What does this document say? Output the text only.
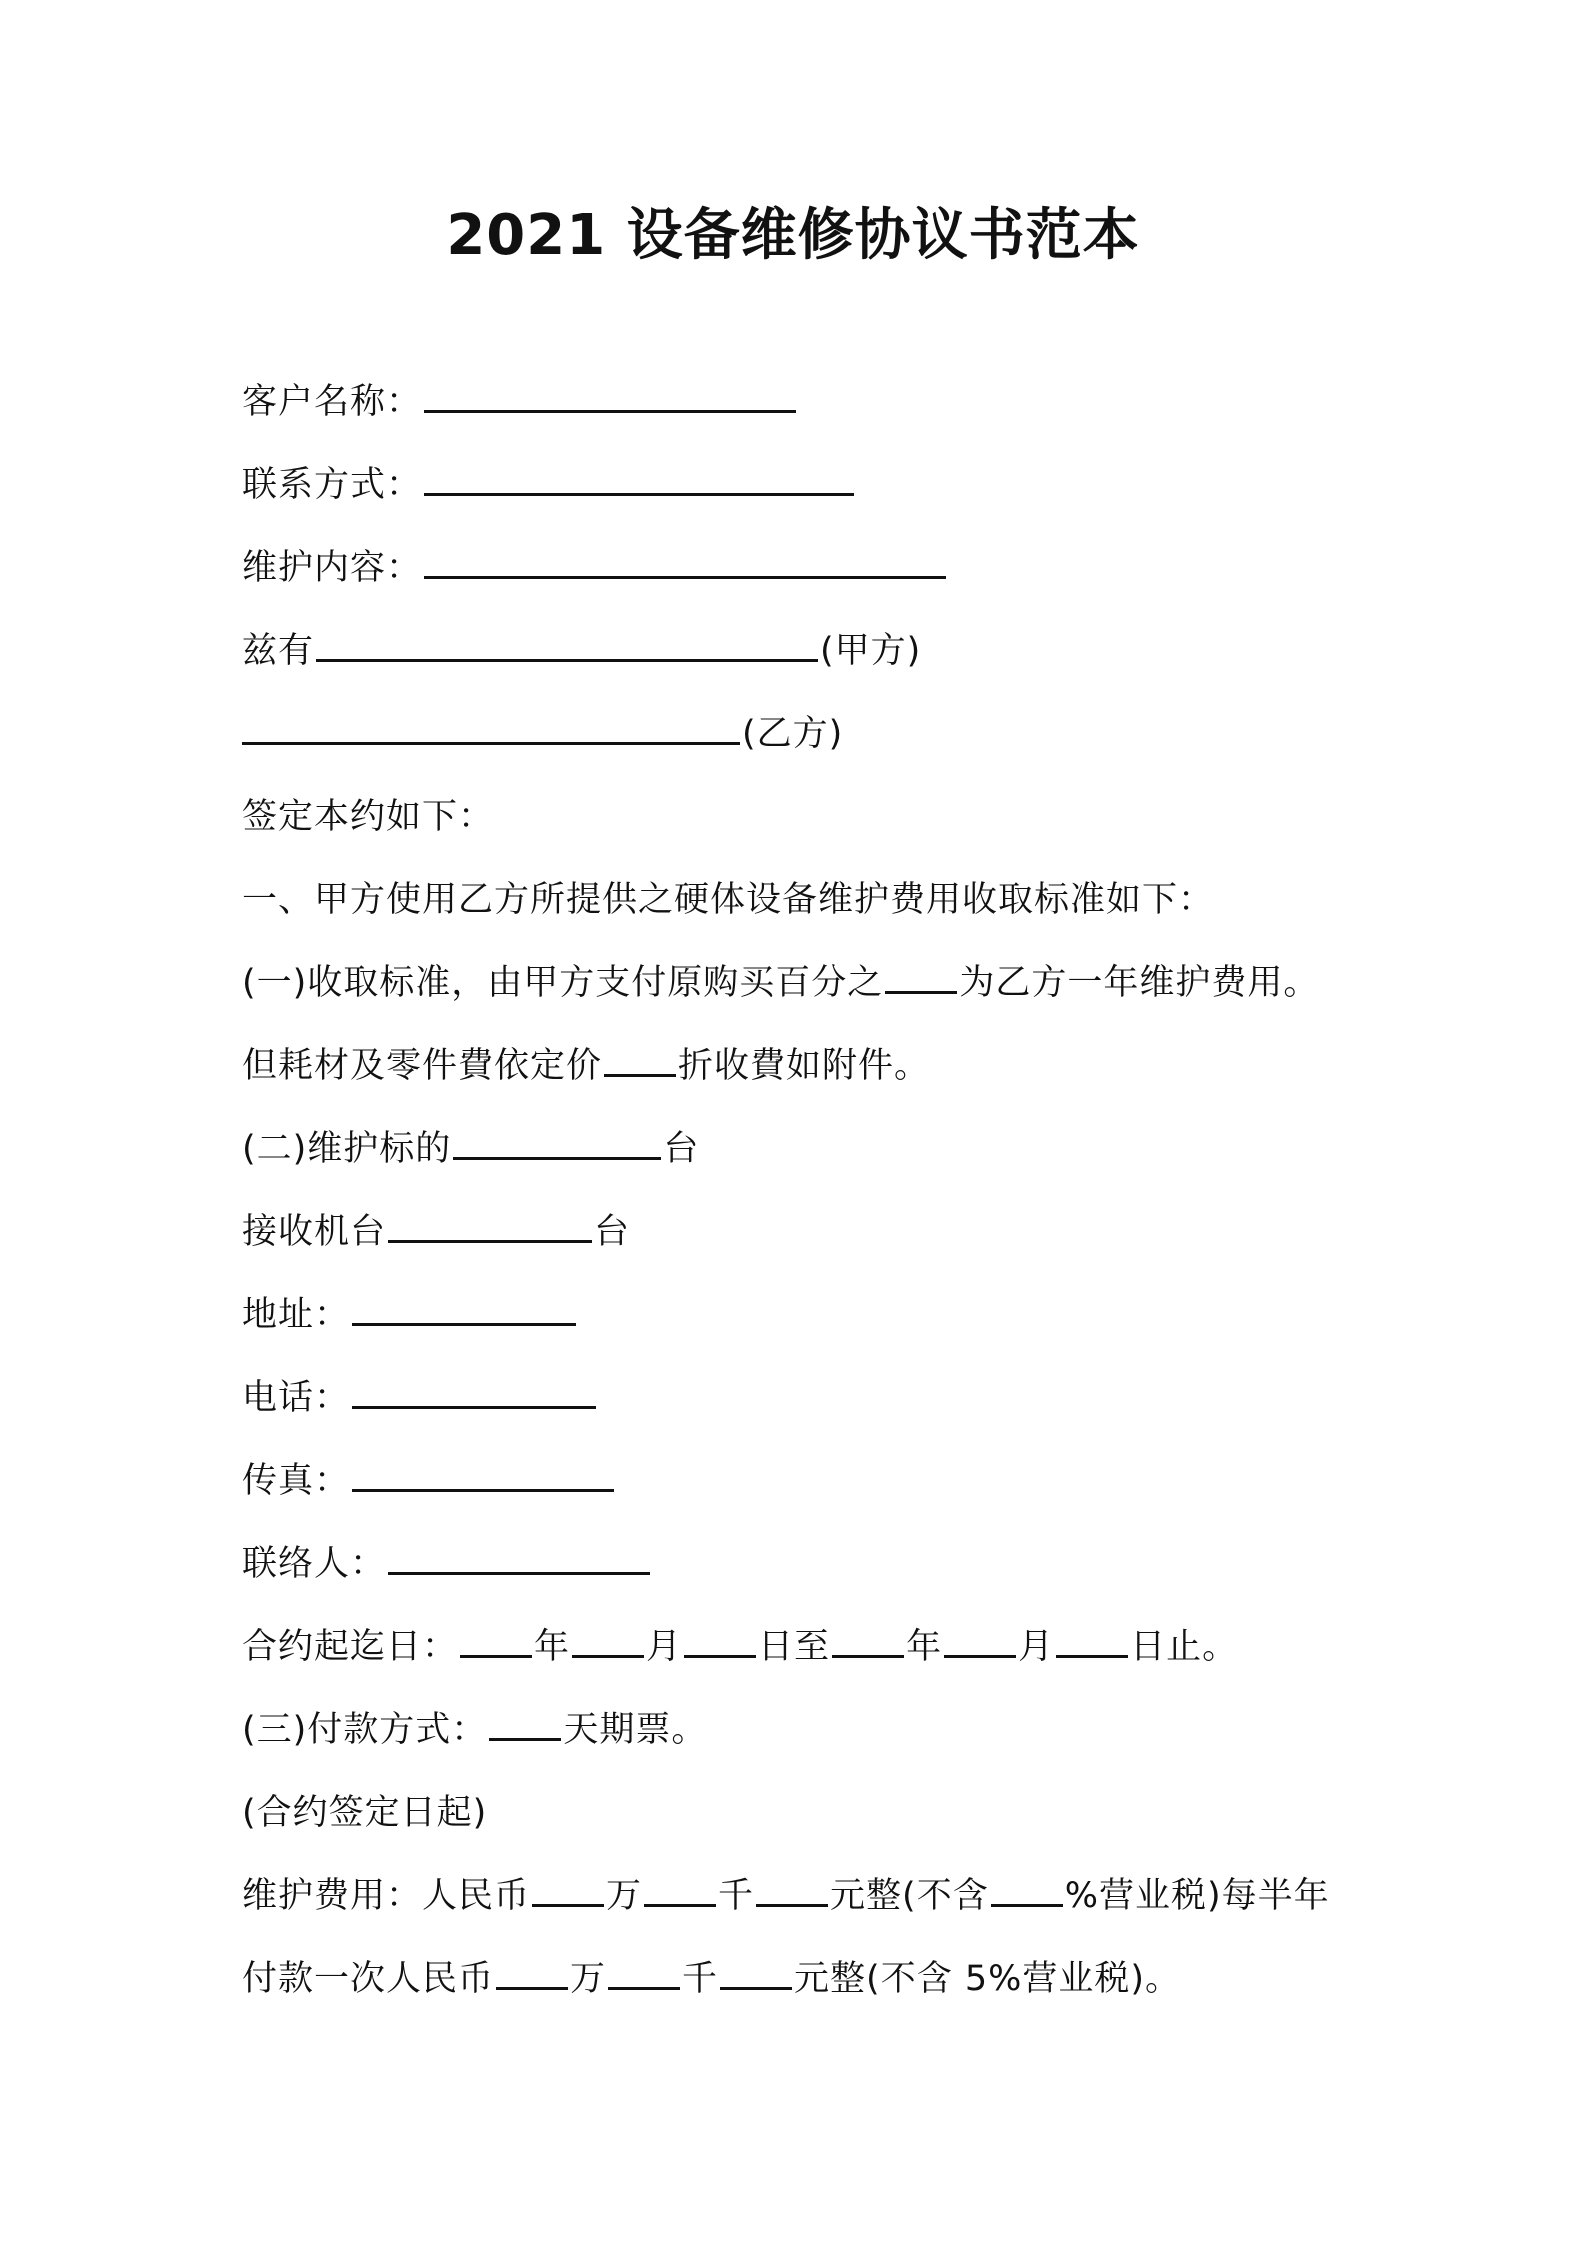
2021 设备维修协议书范本
客户名称：
联系方式：
维护内容：
兹有	(甲方)
(乙方)
签定本约如下：
一、甲方使用乙方所提供之硬体设备维护费用收取标准如下：
(一)收取标准，由甲方支付原购买百分之 为乙方一年维护费用。
但耗材及零件費依定价 折收費如附件。
(二)维护标的	台
接收机台	台
地址：
电话：
传真：
联络人：
合约起迄日： 年 月 日至 年 月 日止。
(三)付款方式： 天期票。
(合约签定日起)
维护费用：人民币 万 千 元整(不含 %营业税)每半年
付款一次人民币 万 千 元整(不含 5%营业税)。
